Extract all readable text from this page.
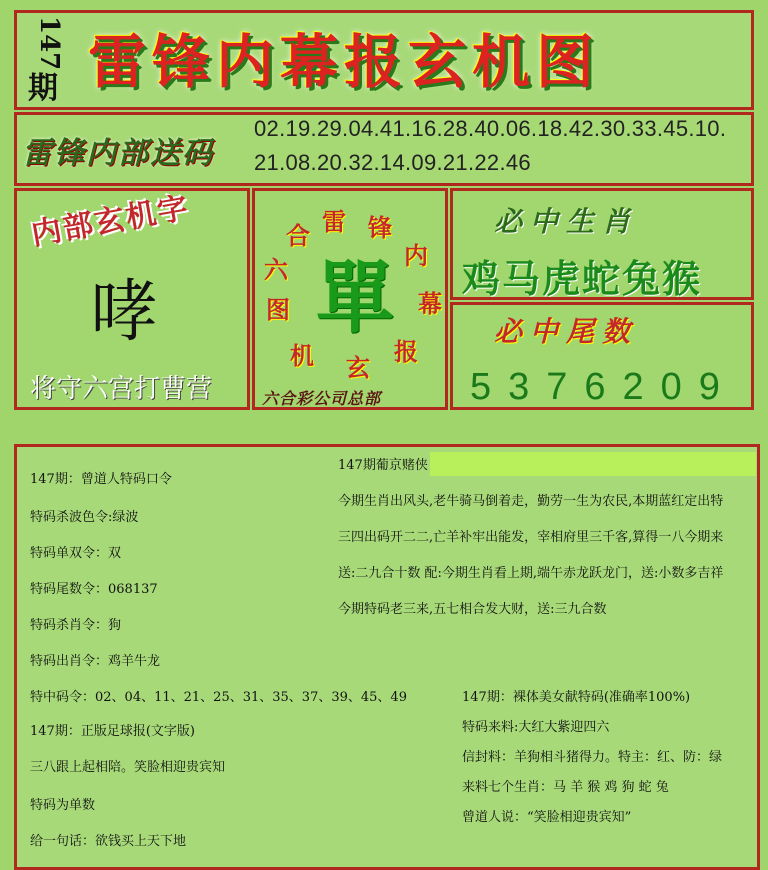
147
期 雷锋内幕报玄机图
雷锋内部送码
02.19.29.04.41.16.28.40.06.18.42.30.33.45.10.
21.08.20.32.14.09.21.22.46
内部玄机字
哮
将守六宫打曹营
單
雷 锋
内
幕
报
玄
机
图
六
合
六合彩公司总部
必中生肖
鸡马虎蛇兔猴
必中尾数
5376209
147期：曾道人特码口令
特码杀波色令:绿波
特码单双令：双
特码尾数令：068137
特码杀肖令：狗
特码出肖令：鸡羊牛龙
特中码令：02、04、11、21、25、31、35、37、39、45、49
147期：正版足球报(文字版)
三八跟上起相陪。笑脸相迎贵宾知
特码为单数
给一句话：欲钱买上天下地
147期葡京赌侠
今期生肖出风头,老牛骑马倒着走，勤劳一生为农民,本期蓝红定出特
三四出码开二二,亡羊补牢出能发，宰相府里三千客,算得一八今期来
送:二九合十数 配:今期生肖看上期,端午赤龙跃龙门，送:小数多吉祥
今期特码老三来,五七相合发大财，送:三九合数
147期：裸体美女献特码(准确率100%)
特码来料:大红大紫迎四六
信封料：羊狗相斗猪得力。特主：红、防：绿
来料七个生肖：马 羊 猴 鸡 狗 蛇 兔
曾道人说：“笑脸相迎贵宾知”
